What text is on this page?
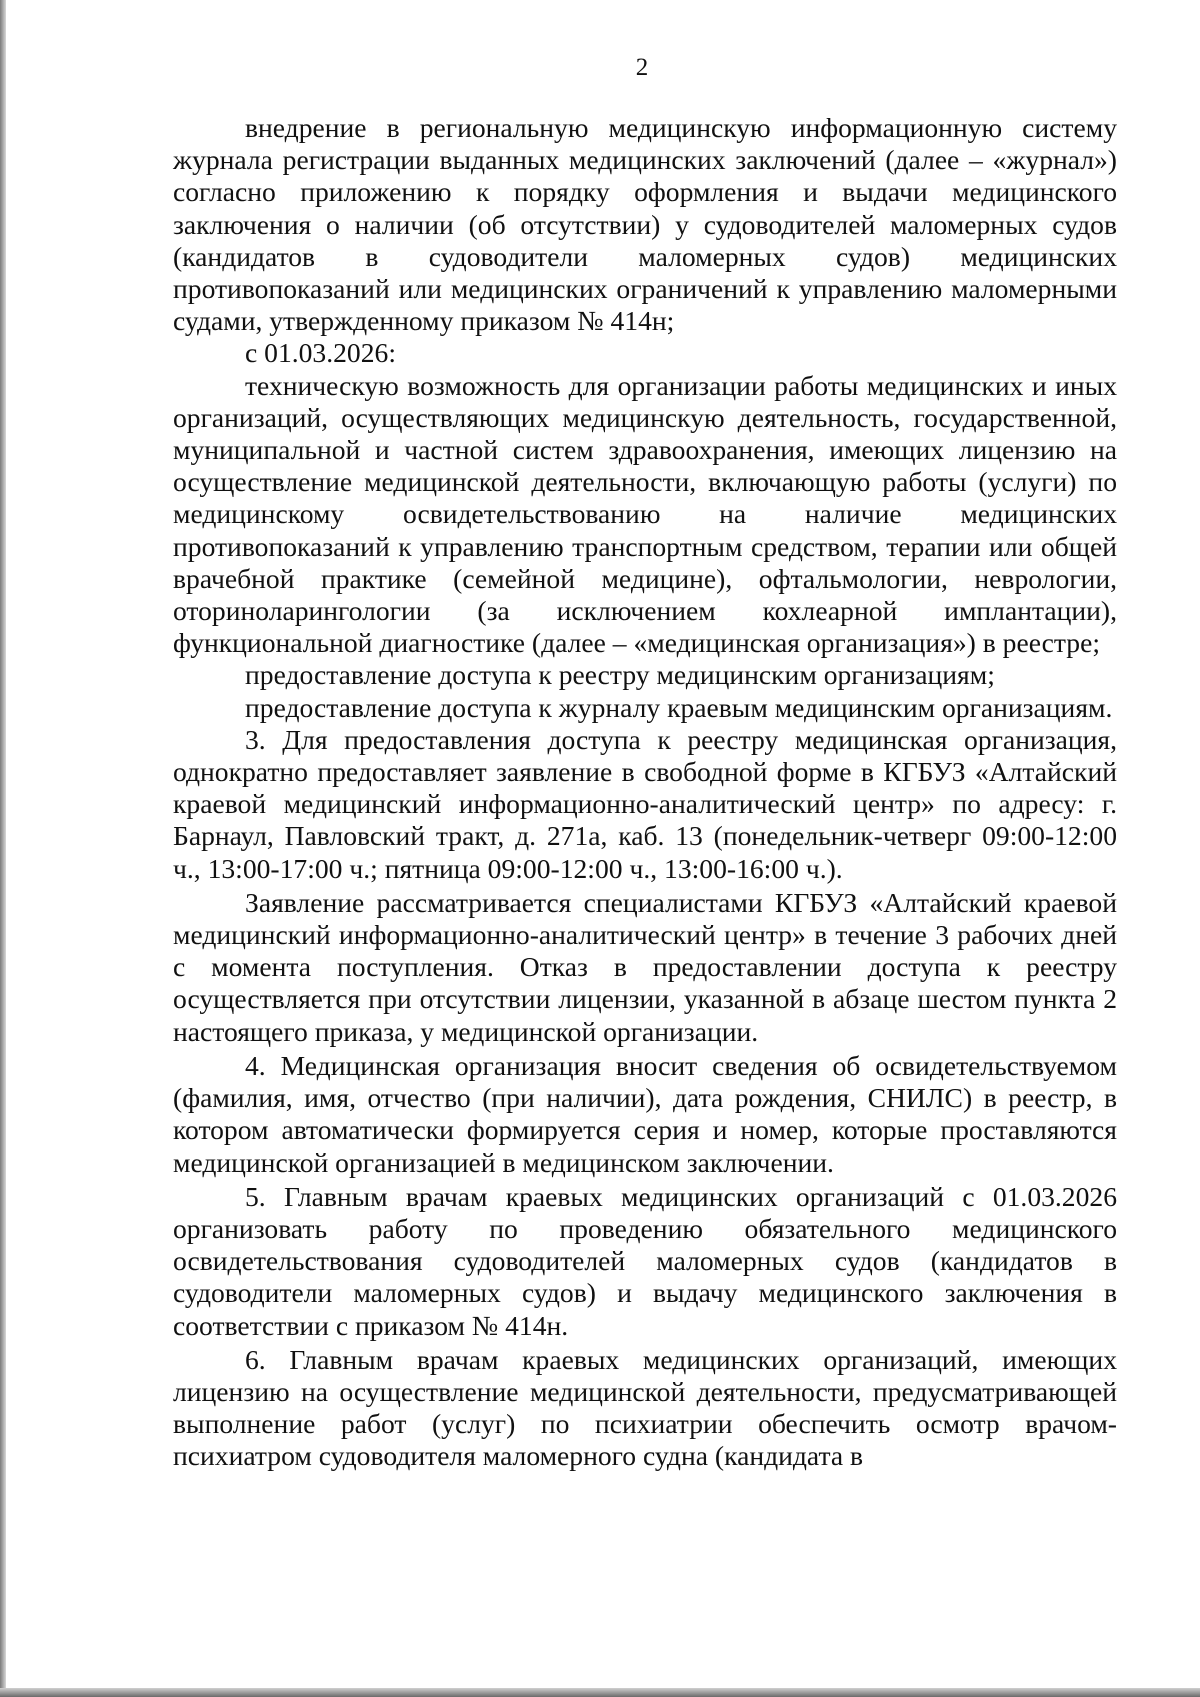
2

внедрение в региональную медицинскую информационную систему журнала регистрации выданных медицинских заключений (далее – «журнал») согласно приложению к порядку оформления и выдачи медицинского заключения о наличии (об отсутствии) у судоводителей маломерных судов (кандидатов в судоводители маломерных судов) медицинских противопоказаний или медицинских ограничений к управлению маломерными судами, утвержденному приказом № 414н;

с 01.03.2026:

техническую возможность для организации работы медицинских и иных организаций, осуществляющих медицинскую деятельность, государственной, муниципальной и частной систем здравоохранения, имеющих лицензию на осуществление медицинской деятельности, включающую работы (услуги) по медицинскому освидетельствованию на наличие медицинских противопоказаний к управлению транспортным средством, терапии или общей врачебной практике (семейной медицине), офтальмологии, неврологии, оториноларингологии (за исключением кохлеарной имплантации), функциональной диагностике (далее – «медицинская организация») в реестре;

предоставление доступа к реестру медицинским организациям;

предоставление доступа к журналу краевым медицинским организациям.

3. Для предоставления доступа к реестру медицинская организация, однократно предоставляет заявление в свободной форме в КГБУЗ «Алтайский краевой медицинский информационно-аналитический центр» по адресу: г. Барнаул, Павловский тракт, д. 271а, каб. 13 (понедельник-четверг 09:00-12:00 ч., 13:00-17:00 ч.; пятница 09:00-12:00 ч., 13:00-16:00 ч.).

Заявление рассматривается специалистами КГБУЗ «Алтайский краевой медицинский информационно-аналитический центр» в течение 3 рабочих дней с момента поступления. Отказ в предоставлении доступа к реестру осуществляется при отсутствии лицензии, указанной в абзаце шестом пункта 2 настоящего приказа, у медицинской организации.

4. Медицинская организация вносит сведения об освидетельствуемом (фамилия, имя, отчество (при наличии), дата рождения, СНИЛС) в реестр, в котором автоматически формируется серия и номер, которые проставляются медицинской организацией в медицинском заключении.

5. Главным врачам краевых медицинских организаций с 01.03.2026 организовать работу по проведению обязательного медицинского освидетельствования судоводителей маломерных судов (кандидатов в судоводители маломерных судов) и выдачу медицинского заключения в соответствии с приказом № 414н.

6. Главным врачам краевых медицинских организаций, имеющих лицензию на осуществление медицинской деятельности, предусматривающей выполнение работ (услуг) по психиатрии обеспечить осмотр врачом-психиатром судоводителя маломерного судна (кандидата в
